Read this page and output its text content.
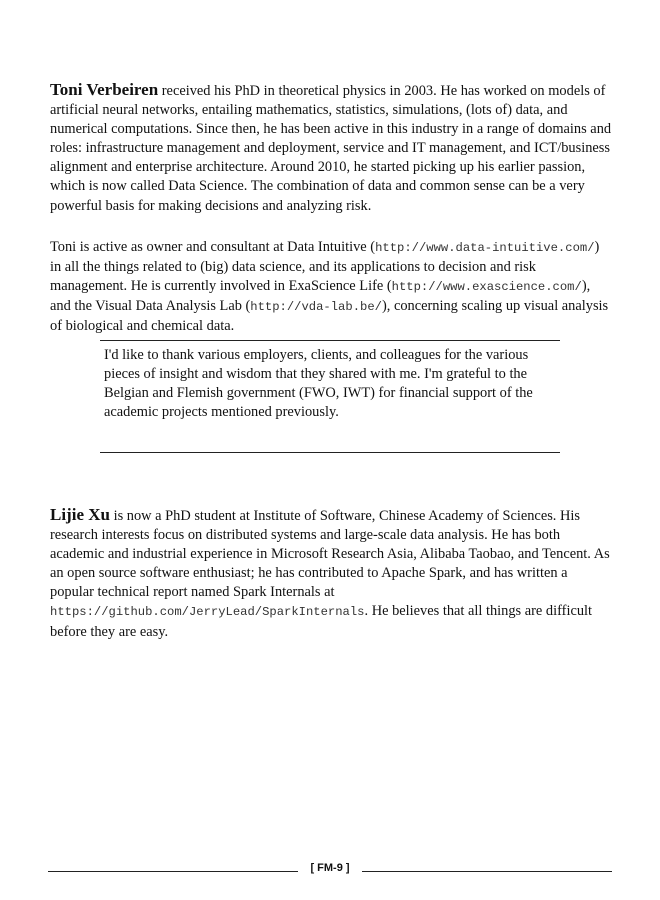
Toni Verbeiren received his PhD in theoretical physics in 2003. He has worked on models of artificial neural networks, entailing mathematics, statistics, simulations, (lots of) data, and numerical computations. Since then, he has been active in this industry in a range of domains and roles: infrastructure management and deployment, service and IT management, and ICT/business alignment and enterprise architecture. Around 2010, he started picking up his earlier passion, which is now called Data Science. The combination of data and common sense can be a very powerful basis for making decisions and analyzing risk.

Toni is active as owner and consultant at Data Intuitive (http://www.data-intuitive.com/) in all the things related to (big) data science, and its applications to decision and risk management. He is currently involved in ExaScience Life (http://www.exascience.com/), and the Visual Data Analysis Lab (http://vda-lab.be/), concerning scaling up visual analysis of biological and chemical data.

I'd like to thank various employers, clients, and colleagues for the various pieces of insight and wisdom that they shared with me. I'm grateful to the Belgian and Flemish government (FWO, IWT) for financial support of the academic projects mentioned previously.

Lijie Xu is now a PhD student at Institute of Software, Chinese Academy of Sciences. His research interests focus on distributed systems and large-scale data analysis. He has both academic and industrial experience in Microsoft Research Asia, Alibaba Taobao, and Tencent. As an open source software enthusiast; he has contributed to Apache Spark, and has written a popular technical report named Spark Internals at https://github.com/JerryLead/SparkInternals. He believes that all things are difficult before they are easy.

[ FM-9 ]
